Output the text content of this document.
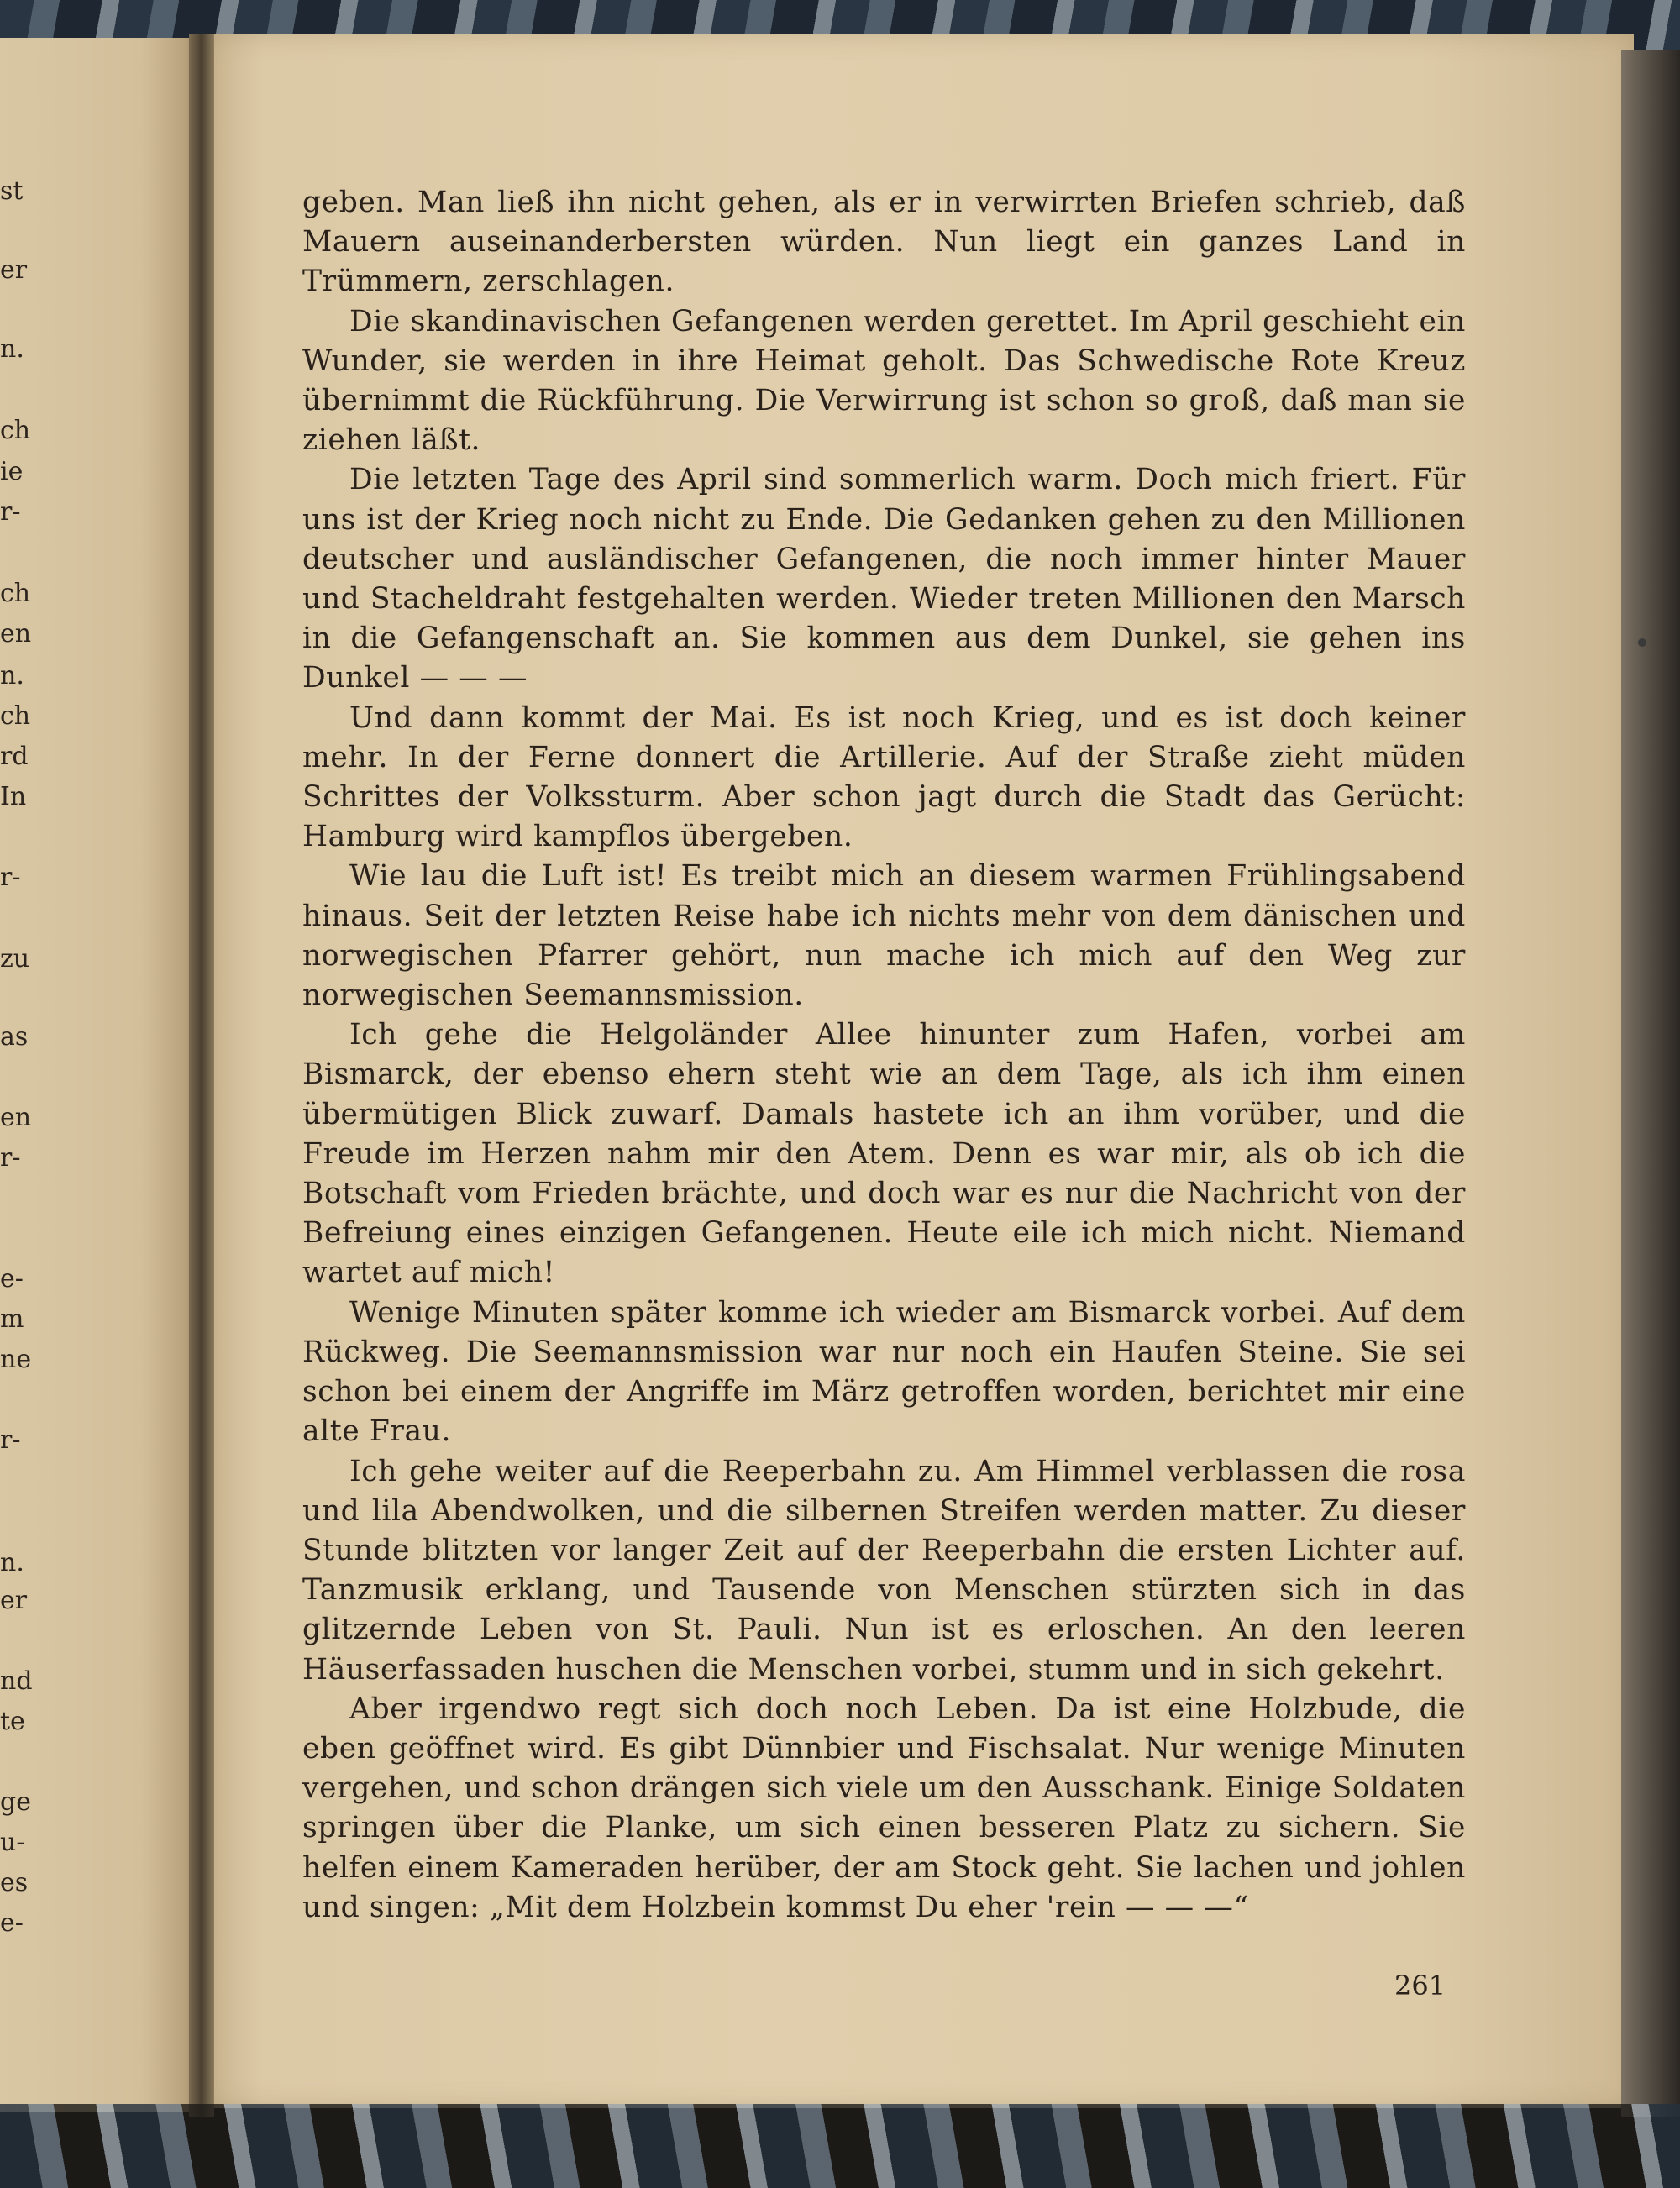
st
er
n.
ch
ie
r-
ch
en
n.
ch
rd
In
r-
zu
as
en
r-
e-
m
ne
r-
n.
er
nd
te
ge
u-
es
e-

geben. Man ließ ihn nicht gehen, als er in verwirrten Briefen schrieb, daß Mauern auseinanderbersten würden. Nun liegt ein ganzes Land in Trümmern, zerschlagen.

Die skandinavischen Gefangenen werden gerettet. Im April geschieht ein Wunder, sie werden in ihre Heimat geholt. Das Schwedische Rote Kreuz übernimmt die Rückführung. Die Verwirrung ist schon so groß, daß man sie ziehen läßt.

Die letzten Tage des April sind sommerlich warm. Doch mich friert. Für uns ist der Krieg noch nicht zu Ende. Die Gedanken gehen zu den Millionen deutscher und ausländischer Gefangenen, die noch immer hinter Mauer und Stacheldraht festgehalten werden. Wieder treten Millionen den Marsch in die Gefangenschaft an. Sie kommen aus dem Dunkel, sie gehen ins Dunkel — — —

Und dann kommt der Mai. Es ist noch Krieg, und es ist doch keiner mehr. In der Ferne donnert die Artillerie. Auf der Straße zieht müden Schrittes der Volkssturm. Aber schon jagt durch die Stadt das Gerücht: Hamburg wird kampflos übergeben.

Wie lau die Luft ist! Es treibt mich an diesem warmen Frühlingsabend hinaus. Seit der letzten Reise habe ich nichts mehr von dem dänischen und norwegischen Pfarrer gehört, nun mache ich mich auf den Weg zur norwegischen Seemannsmission.

Ich gehe die Helgoländer Allee hinunter zum Hafen, vorbei am Bismarck, der ebenso ehern steht wie an dem Tage, als ich ihm einen übermütigen Blick zuwarf. Damals hastete ich an ihm vorüber, und die Freude im Herzen nahm mir den Atem. Denn es war mir, als ob ich die Botschaft vom Frieden brächte, und doch war es nur die Nachricht von der Befreiung eines einzigen Gefangenen. Heute eile ich mich nicht. Niemand wartet auf mich!

Wenige Minuten später komme ich wieder am Bismarck vorbei. Auf dem Rückweg. Die Seemannsmission war nur noch ein Haufen Steine. Sie sei schon bei einem der Angriffe im März getroffen worden, berichtet mir eine alte Frau.

Ich gehe weiter auf die Reeperbahn zu. Am Himmel verblassen die rosa und lila Abendwolken, und die silbernen Streifen werden matter. Zu dieser Stunde blitzten vor langer Zeit auf der Reeperbahn die ersten Lichter auf. Tanzmusik erklang, und Tausende von Menschen stürzten sich in das glitzernde Leben von St. Pauli. Nun ist es erloschen. An den leeren Häuserfassaden huschen die Menschen vorbei, stumm und in sich gekehrt.

Aber irgendwo regt sich doch noch Leben. Da ist eine Holzbude, die eben geöffnet wird. Es gibt Dünnbier und Fischsalat. Nur wenige Minuten vergehen, und schon drängen sich viele um den Ausschank. Einige Soldaten springen über die Planke, um sich einen besseren Platz zu sichern. Sie helfen einem Kameraden herüber, der am Stock geht. Sie lachen und johlen und singen: „Mit dem Holzbein kommst Du eher 'rein — — —“

261
